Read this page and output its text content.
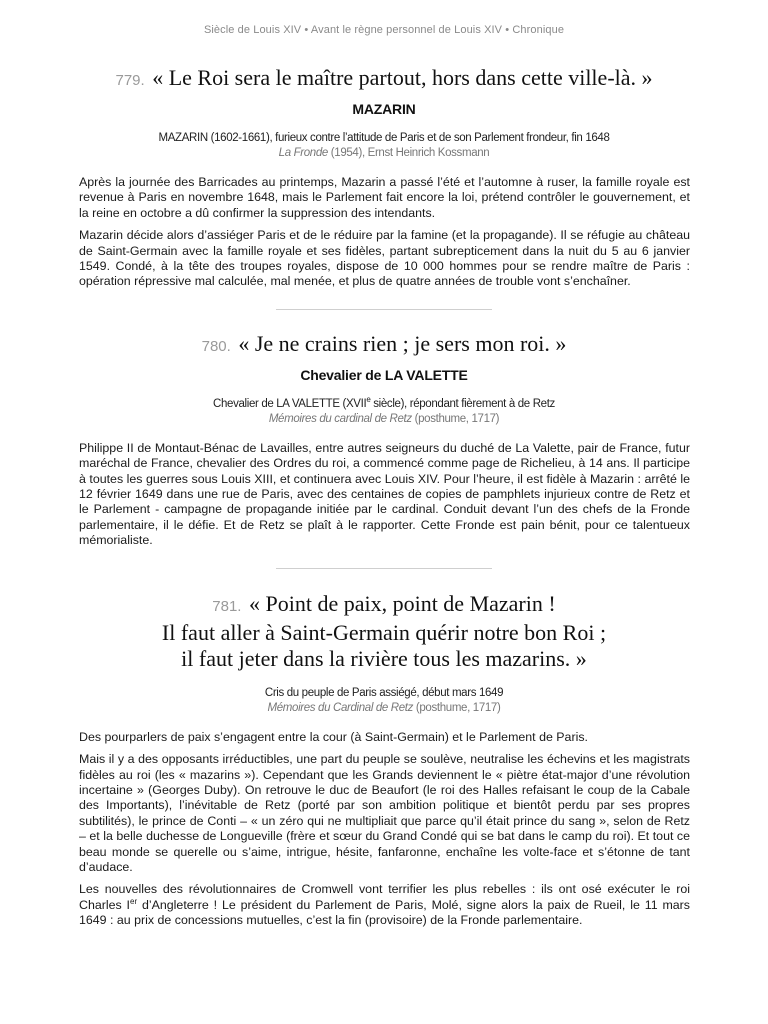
Siècle de Louis XIV • Avant le règne personnel de Louis XIV • Chronique
779. « Le Roi sera le maître partout, hors dans cette ville-là. »
MAZARIN
MAZARIN (1602-1661), furieux contre l’attitude de Paris et de son Parlement frondeur, fin 1648
La Fronde (1954), Ernst Heinrich Kossmann

Après la journée des Barricades au printemps, Mazarin a passé l’été et l’automne à ruser, la famille royale est revenue à Paris en novembre 1648, mais le Parlement fait encore la loi, prétend contrôler le gouvernement, et la reine en octobre a dû confirmer la suppression des intendants.

Mazarin décide alors d’assiéger Paris et de le réduire par la famine (et la propagande). Il se réfugie au château de Saint-Germain avec la famille royale et ses fidèles, partant subrepticement dans la nuit du 5 au 6 janvier 1549. Condé, à la tête des troupes royales, dispose de 10 000 hommes pour se rendre maître de Paris : opération répressive mal calculée, mal menée, et plus de quatre années de trouble vont s’enchaîner.

780. « Je ne crains rien ; je sers mon roi. »
Chevalier de LA VALETTE
Chevalier de LA VALETTE (XVIIe siècle), répondant fièrement à de Retz
Mémoires du cardinal de Retz (posthume, 1717)

Philippe II de Montaut-Bénac de Lavailles, entre autres seigneurs du duché de La Valette, pair de France, futur maréchal de France, chevalier des Ordres du roi, a commencé comme page de Richelieu, à 14 ans. Il participe à toutes les guerres sous Louis XIII, et continuera avec Louis XIV. Pour l’heure, il est fidèle à Mazarin : arrêté le 12 février 1649 dans une rue de Paris, avec des centaines de copies de pamphlets injurieux contre de Retz et le Parlement - campagne de propagande initiée par le cardinal. Conduit devant l’un des chefs de la Fronde parlementaire, il le défie. Et de Retz se plaît à le rapporter. Cette Fronde est pain bénit, pour ce talentueux mémorialiste.

781. « Point de paix, point de Mazarin !
Il faut aller à Saint-Germain quérir notre bon Roi ;
il faut jeter dans la rivière tous les mazarins. »
Cris du peuple de Paris assiégé, début mars 1649
Mémoires du Cardinal de Retz (posthume, 1717)

Des pourparlers de paix s’engagent entre la cour (à Saint-Germain) et le Parlement de Paris.

Mais il y a des opposants irréductibles, une part du peuple se soulève, neutralise les échevins et les magistrats fidèles au roi (les « mazarins »). Cependant que les Grands deviennent le « piètre état-major d’une révolution incertaine » (Georges Duby). On retrouve le duc de Beaufort (le roi des Halles refaisant le coup de la Cabale des Importants), l’inévitable de Retz (porté par son ambition politique et bientôt perdu par ses propres subtilités), le prince de Conti – « un zéro qui ne multipliait que parce qu’il était prince du sang », selon de Retz – et la belle duchesse de Longueville (frère et sœur du Grand Condé qui se bat dans le camp du roi). Et tout ce beau monde se querelle ou s’aime, intrigue, hésite, fanfaronne, enchaîne les volte-face et s’étonne de tant d’audace.

Les nouvelles des révolutionnaires de Cromwell vont terrifier les plus rebelles : ils ont osé exécuter le roi Charles Ier d’Angleterre ! Le président du Parlement de Paris, Molé, signe alors la paix de Rueil, le 11 mars 1649 : au prix de concessions mutuelles, c’est la fin (provisoire) de la Fronde parlementaire.
